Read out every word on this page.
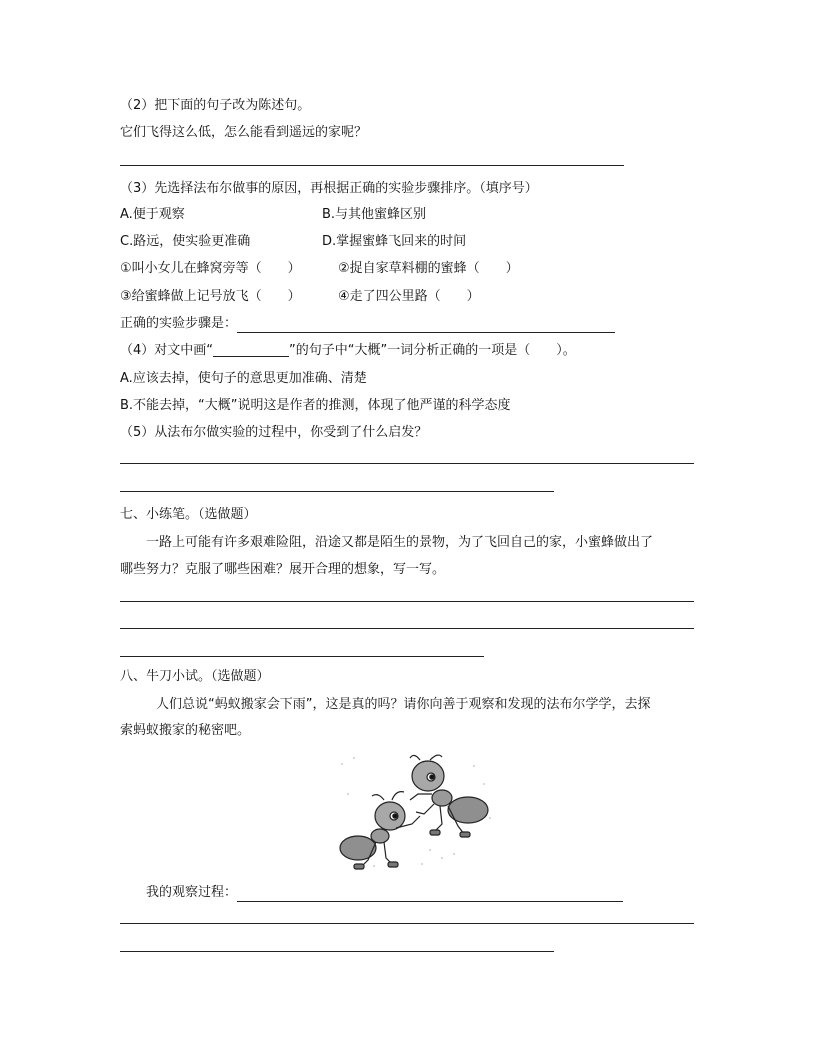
（2）把下面的句子改为陈述句。
它们飞得这么低，怎么能看到遥远的家呢？
（3）先选择法布尔做事的原因，再根据正确的实验步骤排序。（填序号）
A.便于观察	B.与其他蜜蜂区别
C.路远，使实验更准确	D.掌握蜜蜂飞回来的时间
①叫小女儿在蜂窝旁等（　　）	②捉自家草料棚的蜜蜂（　　）
③给蜜蜂做上记号放飞（　　）	④走了四公里路（　　）
正确的实验步骤是：
（4）对文中画“	”的句子中“大概”一词分析正确的一项是（　　）。
A.应该去掉，使句子的意思更加准确、清楚
B.不能去掉，“大概”说明这是作者的推测，体现了他严谨的科学态度
（5）从法布尔做实验的过程中，你受到了什么启发？
七、小练笔。（选做题）
一路上可能有许多艰难险阻，沿途又都是陌生的景物，为了飞回自己的家，小蜜蜂做出了
哪些努力？克服了哪些困难？展开合理的想象，写一写。
八、牛刀小试。（选做题）
人们总说“蚂蚁搬家会下雨”，这是真的吗？请你向善于观察和发现的法布尔学学，去探
索蚂蚁搬家的秘密吧。
我的观察过程：
